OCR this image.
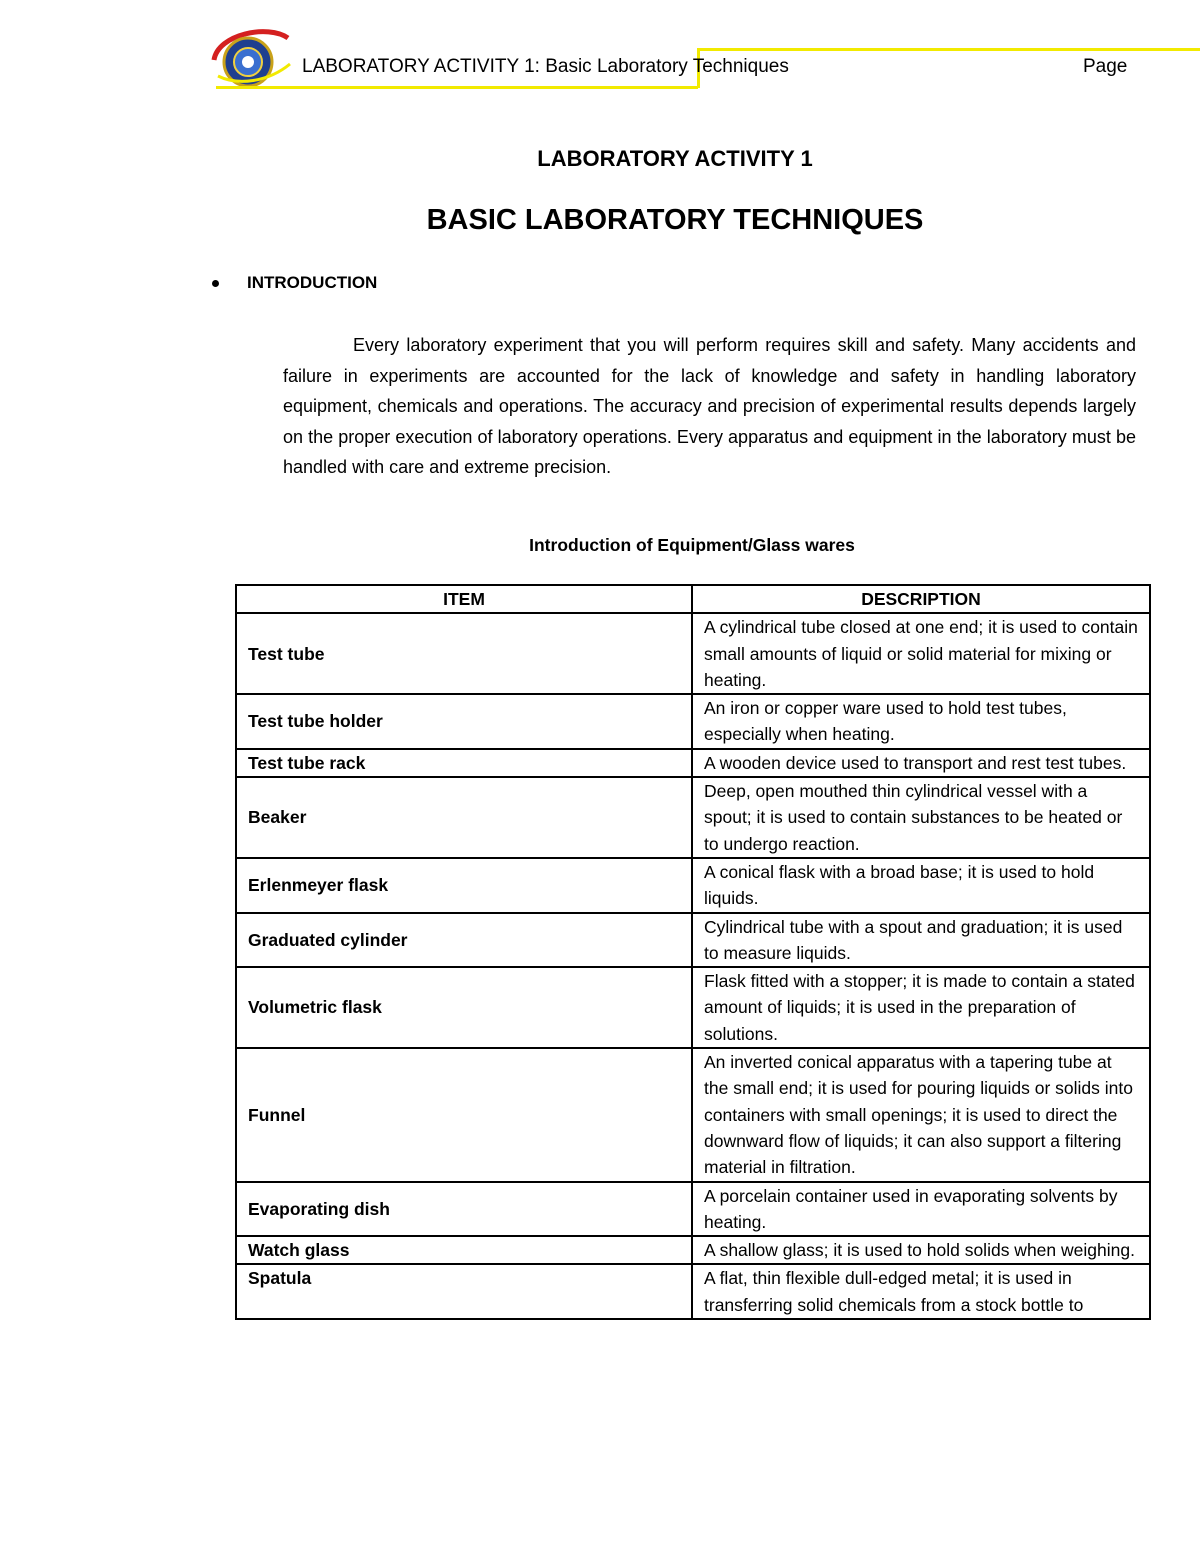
LABORATORY ACTIVITY 1: Basic Laboratory Techniques	Page
LABORATORY ACTIVITY 1
BASIC LABORATORY TECHNIQUES
INTRODUCTION
Every laboratory experiment that you will perform requires skill and safety. Many accidents and failure in experiments are accounted for the lack of knowledge and safety in handling laboratory equipment, chemicals and operations. The accuracy and precision of experimental results depends largely on the proper execution of laboratory operations. Every apparatus and equipment in the laboratory must be handled with care and extreme precision.
Introduction of Equipment/Glass wares
ITEM	DESCRIPTION
Test tube	A cylindrical tube closed at one end; it is used to contain small amounts of liquid or solid material for mixing or heating.
Test tube holder	An iron or copper ware used to hold test tubes, especially when heating.
Test tube rack	A wooden device used to transport and rest test tubes.
Beaker	Deep, open mouthed thin cylindrical vessel with a spout; it is used to contain substances to be heated or to undergo reaction.
Erlenmeyer flask	A conical flask with a broad base; it is used to hold liquids.
Graduated cylinder	Cylindrical tube with a spout and graduation; it is used to measure liquids.
Volumetric flask	Flask fitted with a stopper; it is made to contain a stated amount of liquids; it is used in the preparation of solutions.
Funnel	An inverted conical apparatus with a tapering tube at the small end; it is used for pouring liquids or solids into containers with small openings; it is used to direct the downward flow of liquids; it can also support a filtering material in filtration.
Evaporating dish	A porcelain container used in evaporating solvents by heating.
Watch glass	A shallow glass; it is used to hold solids when weighing.
Spatula	A flat, thin flexible dull-edged metal; it is used in transferring solid chemicals from a stock bottle to
